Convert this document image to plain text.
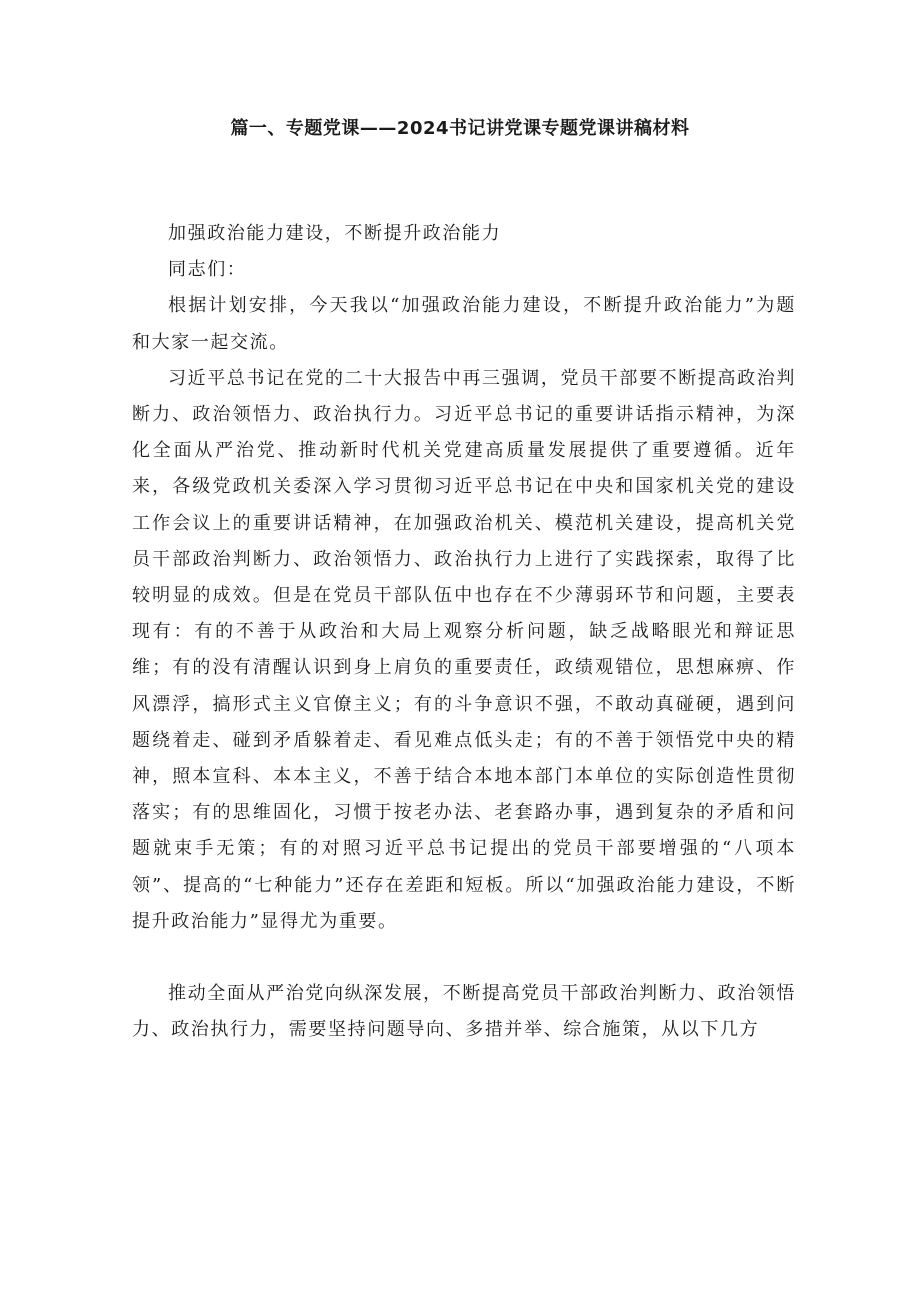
篇一、专题党课——2024书记讲党课专题党课讲稿材料

加强政治能力建设，不断提升政治能力

同志们：

根据计划安排，今天我以“加强政治能力建设，不断提升政治能力”为题和大家一起交流。

习近平总书记在党的二十大报告中再三强调，党员干部要不断提高政治判断力、政治领悟力、政治执行力。习近平总书记的重要讲话指示精神，为深化全面从严治党、推动新时代机关党建高质量发展提供了重要遵循。近年来，各级党政机关委深入学习贯彻习近平总书记在中央和国家机关党的建设工作会议上的重要讲话精神，在加强政治机关、模范机关建设，提高机关党员干部政治判断力、政治领悟力、政治执行力上进行了实践探索，取得了比较明显的成效。但是在党员干部队伍中也存在不少薄弱环节和问题，主要表现有：有的不善于从政治和大局上观察分析问题，缺乏战略眼光和辩证思维；有的没有清醒认识到身上肩负的重要责任，政绩观错位，思想麻痹、作风漂浮，搞形式主义官僚主义；有的斗争意识不强，不敢动真碰硬，遇到问题绕着走、碰到矛盾躲着走、看见难点低头走；有的不善于领悟党中央的精神，照本宣科、本本主义，不善于结合本地本部门本单位的实际创造性贯彻落实；有的思维固化，习惯于按老办法、老套路办事，遇到复杂的矛盾和问题就束手无策；有的对照习近平总书记提出的党员干部要增强的“八项本领”、提高的“七种能力”还存在差距和短板。所以“加强政治能力建设，不断提升政治能力”显得尤为重要。

推动全面从严治党向纵深发展，不断提高党员干部政治判断力、政治领悟力、政治执行力，需要坚持问题导向、多措并举、综合施策，从以下几方
